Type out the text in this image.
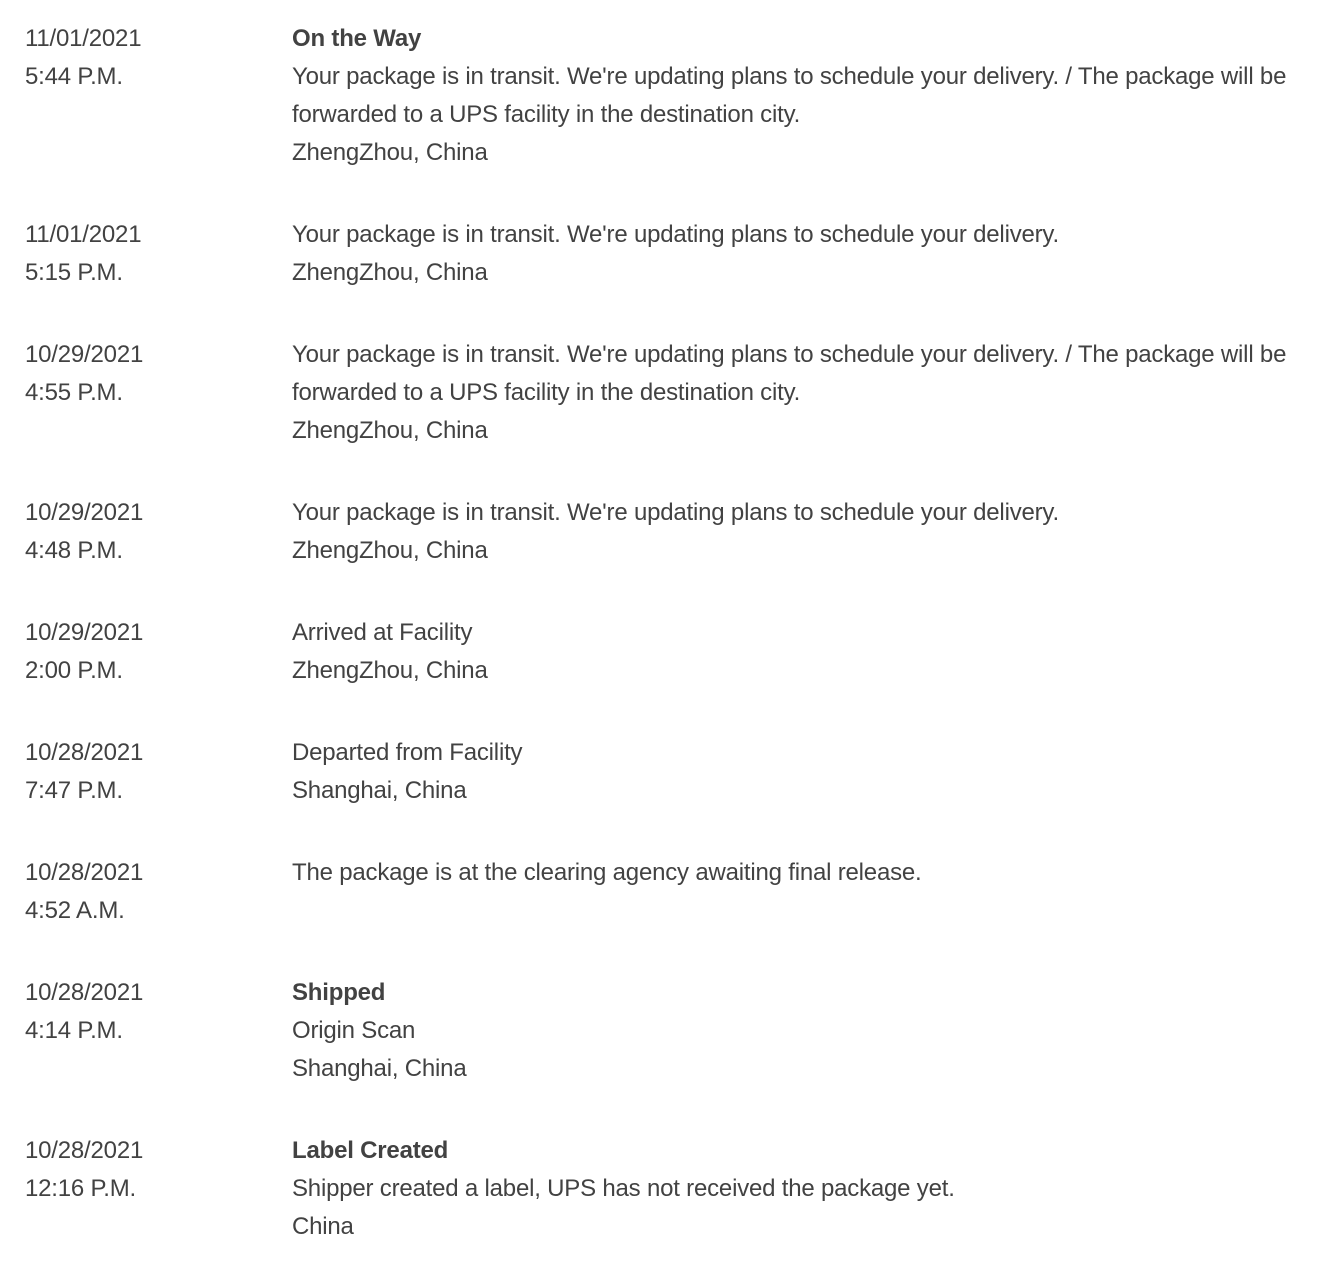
11/01/2021
5:44 P.M.
On the Way
Your package is in transit. We're updating plans to schedule your delivery. / The package will be forwarded to a UPS facility in the destination city.
ZhengZhou, China
11/01/2021
5:15 P.M.
Your package is in transit. We're updating plans to schedule your delivery.
ZhengZhou, China
10/29/2021
4:55 P.M.
Your package is in transit. We're updating plans to schedule your delivery. / The package will be forwarded to a UPS facility in the destination city.
ZhengZhou, China
10/29/2021
4:48 P.M.
Your package is in transit. We're updating plans to schedule your delivery.
ZhengZhou, China
10/29/2021
2:00 P.M.
Arrived at Facility
ZhengZhou, China
10/28/2021
7:47 P.M.
Departed from Facility
Shanghai, China
10/28/2021
4:52 A.M.
The package is at the clearing agency awaiting final release.
10/28/2021
4:14 P.M.
Shipped
Origin Scan
Shanghai, China
10/28/2021
12:16 P.M.
Label Created
Shipper created a label, UPS has not received the package yet.
China
